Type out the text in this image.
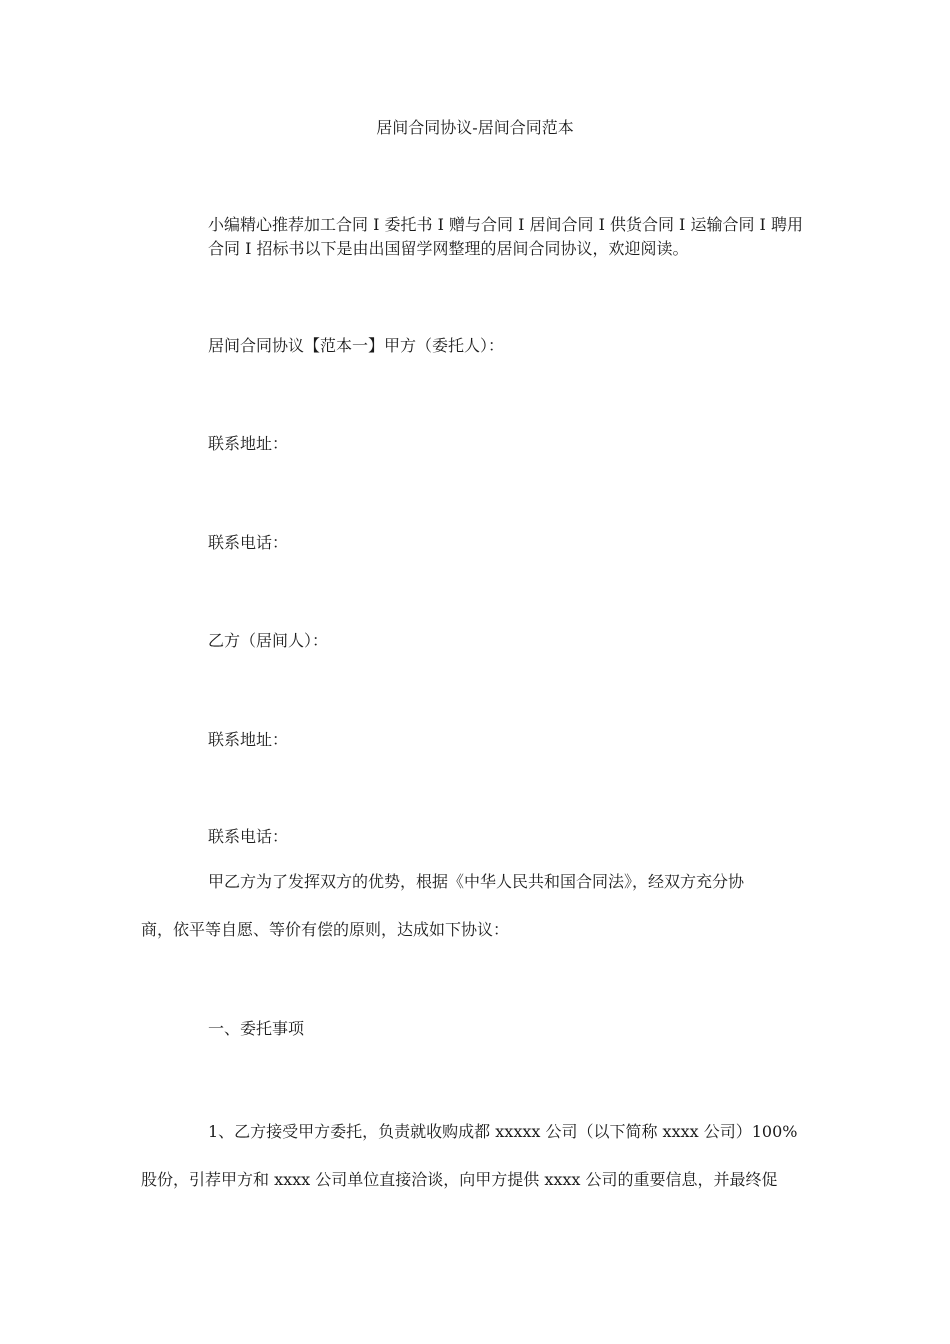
居间合同协议-居间合同范本
小编精心推荐加工合同 I 委托书 I 赠与合同 I 居间合同 I 供货合同 I 运输合同 I 聘用
合同 I 招标书以下是由出国留学网整理的居间合同协议，欢迎阅读。
居间合同协议【范本一】甲方（委托人）：
联系地址：
联系电话：
乙方（居间人）：
联系地址：
联系电话：
甲乙方为了发挥双方的优势，根据《中华人民共和国合同法》，经双方充分协
商，依平等自愿、等价有偿的原则，达成如下协议：
一、委托事项
1、乙方接受甲方委托，负责就收购成都 xxxxx 公司（以下简称 xxxx 公司）100%
股份，引荐甲方和 xxxx 公司单位直接洽谈，向甲方提供 xxxx 公司的重要信息，并最终促
